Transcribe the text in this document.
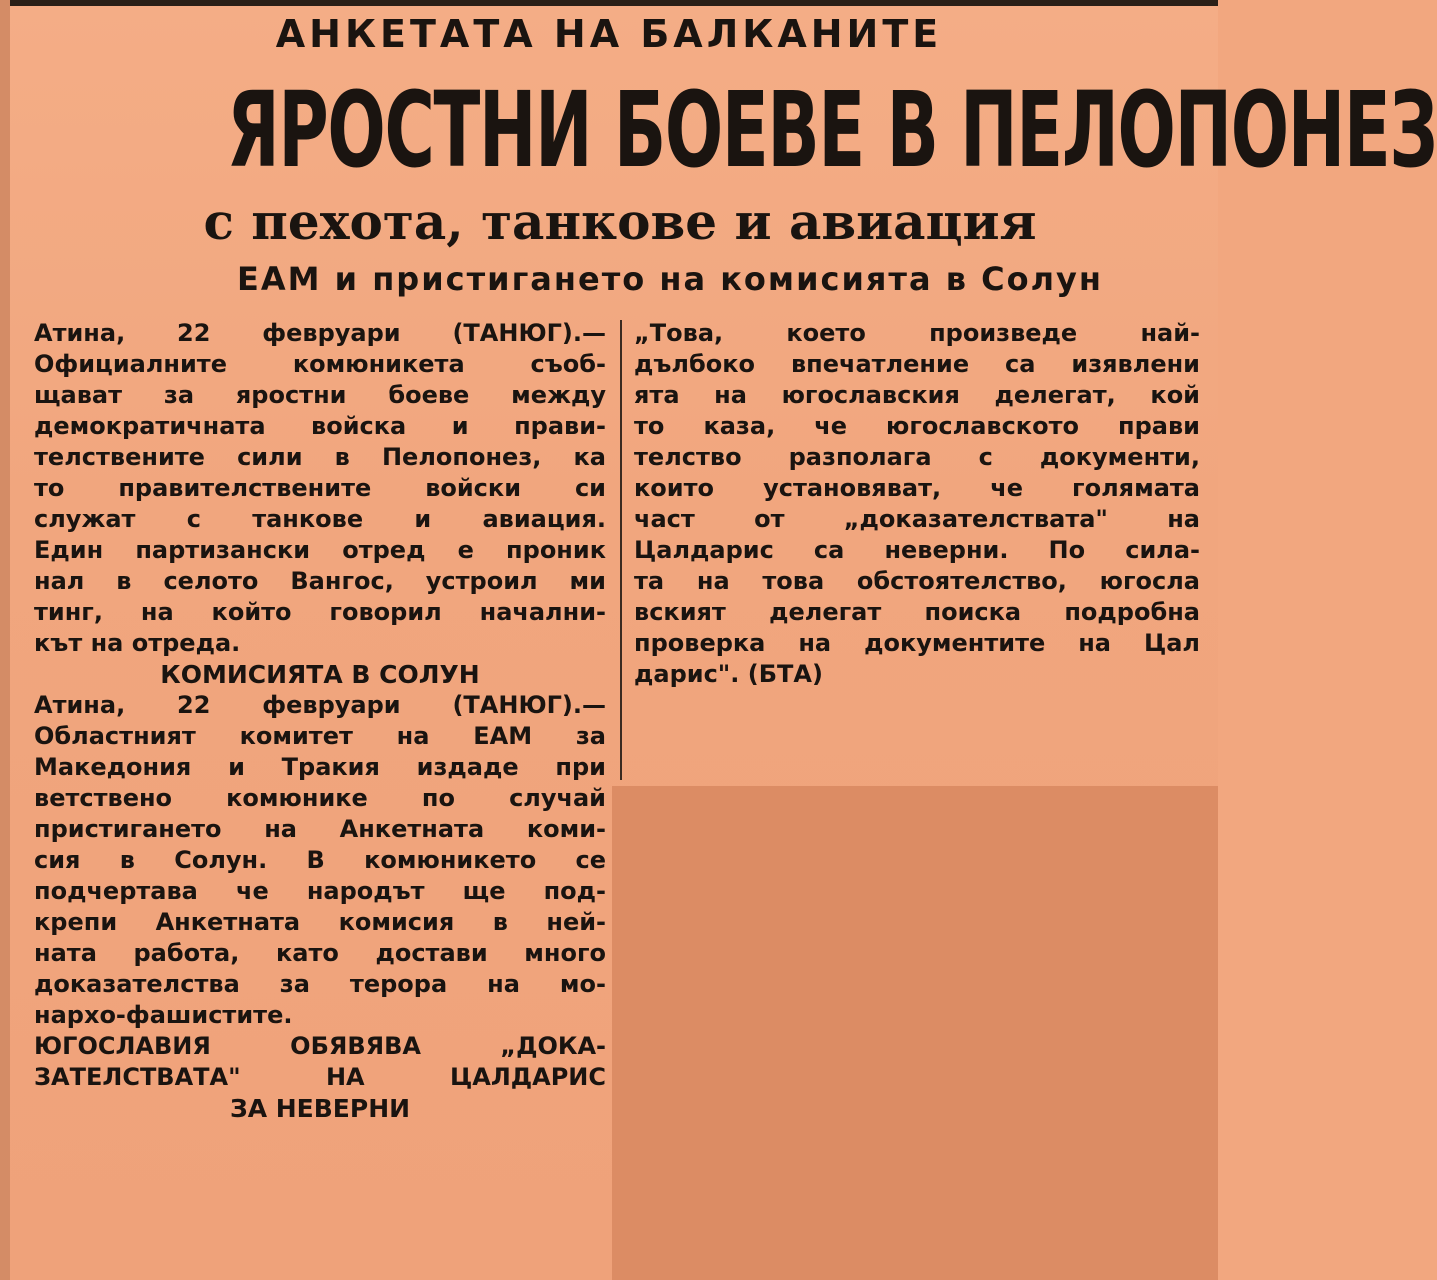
АНКЕТАТА НА БАЛКАНИТЕ
ЯРОСТНИ БОЕВЕ В ПЕЛОПОНЕЗ
с пехота, танкове и авиация
ЕАМ и пристигането на комисията в Солун
Атина, 22 февруари (ТАНЮГ).—
Официалните комюникета съоб-
щават за яростни боеве между
демократичната войска и прави-
телствените сили в Пелопонез, ка
то правителствените войски си
служат с танкове и авиация.
Един партизански отред е проник
нал в селото Вангос, устроил ми
тинг, на който говорил начални-
кът на отреда.
КОМИСИЯТА В СОЛУН
Атина, 22 февруари (ТАНЮГ).—
Областният комитет на ЕАМ за
Македония и Тракия издаде при
ветствено комюнике по случай
пристигането на Анкетната коми-
сия в Солун. В комюникето се
подчертава че народът ще под-
крепи Анкетната комисия в ней-
ната работа, като достави много
доказателства за терора на мо-
нархо-фашистите.
ЮГОСЛАВИЯ ОБЯВЯВА „ДОКА-
ЗАТЕЛСТВАТА" НА ЦАЛДАРИС
ЗА НЕВЕРНИ
„Това, което произведе най-
дълбоко впечатление са изявлени
ята на югославския делегат, кой
то каза, че югославското прави
телство разполага с документи,
които установяват, че голямата
част от „доказателствата" на
Цалдарис са неверни. По сила-
та на това обстоятелство, югосла
вският делегат поиска подробна
проверка на документите на Цал
дарис". (БТА)
